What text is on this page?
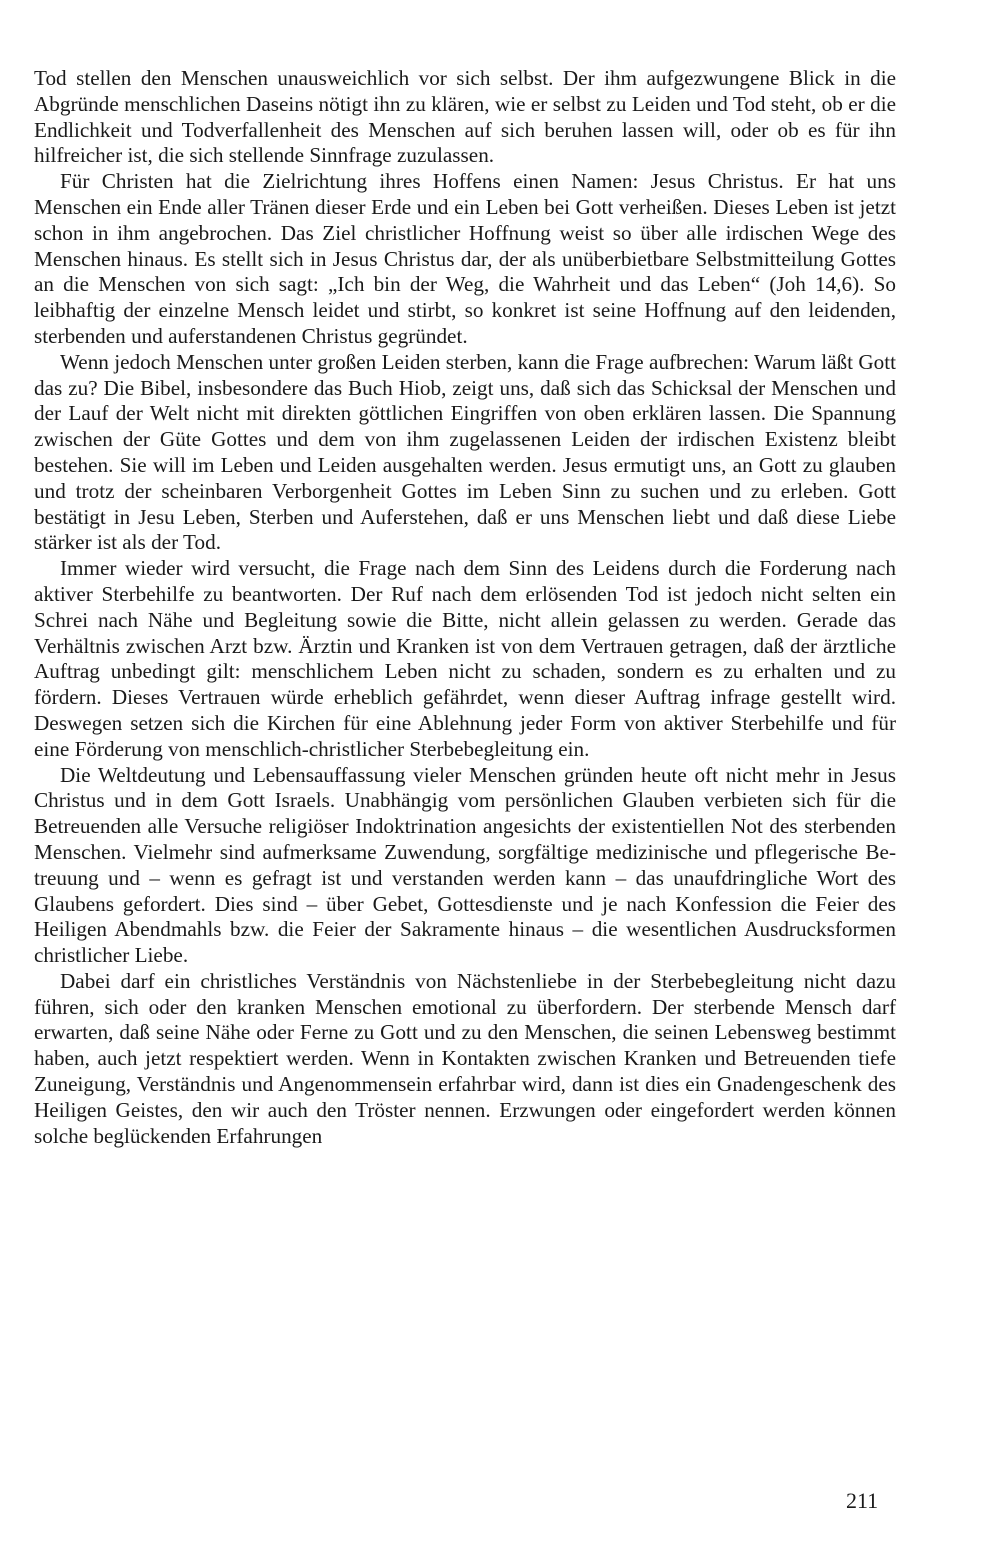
Tod stellen den Menschen unausweichlich vor sich selbst. Der ihm aufgezwungene Blick in die Abgründe menschlichen Daseins nötigt ihn zu klären, wie er selbst zu Leiden und Tod steht, ob er die Endlichkeit und Todverfallenheit des Menschen auf sich beruhen lassen will, oder ob es für ihn hilfreicher ist, die sich stellende Sinnfrage zuzulassen.

Für Christen hat die Zielrichtung ihres Hoffens einen Namen: Jesus Christus. Er hat uns Menschen ein Ende aller Tränen dieser Erde und ein Leben bei Gott verheißen. Dieses Leben ist jetzt schon in ihm angebrochen. Das Ziel christlicher Hoffnung weist so über alle irdischen Wege des Menschen hinaus. Es stellt sich in Jesus Christus dar, der als unüberbietbare Selbstmitteilung Gottes an die Menschen von sich sagt: „Ich bin der Weg, die Wahrheit und das Leben“ (Joh 14,6). So leibhaftig der einzelne Mensch leidet und stirbt, so konkret ist seine Hoffnung auf den leidenden, sterbenden und auferstandenen Christus gegründet.

Wenn jedoch Menschen unter großen Leiden sterben, kann die Frage aufbrechen: Warum läßt Gott das zu? Die Bibel, insbesondere das Buch Hiob, zeigt uns, daß sich das Schicksal der Menschen und der Lauf der Welt nicht mit direkten göttlichen Eingriffen von oben erklären lassen. Die Spannung zwischen der Güte Gottes und dem von ihm zugelassenen Leiden der irdischen Existenz bleibt bestehen. Sie will im Leben und Leiden ausgehalten werden. Jesus ermutigt uns, an Gott zu glauben und trotz der scheinbaren Verborgenheit Gottes im Leben Sinn zu suchen und zu erleben. Gott bestätigt in Jesu Leben, Sterben und Auferstehen, daß er uns Menschen liebt und daß diese Liebe stärker ist als der Tod.

Immer wieder wird versucht, die Frage nach dem Sinn des Leidens durch die Forderung nach aktiver Sterbehilfe zu beantworten. Der Ruf nach dem erlösenden Tod ist jedoch nicht selten ein Schrei nach Nähe und Begleitung sowie die Bitte, nicht allein gelassen zu werden. Gerade das Verhältnis zwischen Arzt bzw. Ärztin und Kranken ist von dem Vertrauen getragen, daß der ärztliche Auftrag unbedingt gilt: menschlichem Leben nicht zu schaden, sondern es zu erhalten und zu fördern. Dieses Vertrauen würde erheblich gefährdet, wenn dieser Auftrag infrage gestellt wird. Deswegen setzen sich die Kirchen für eine Ablehnung jeder Form von aktiver Sterbehilfe und für eine Förderung von menschlich-christlicher Sterbebegleitung ein.

Die Weltdeutung und Lebensauffassung vieler Menschen gründen heute oft nicht mehr in Jesus Christus und in dem Gott Israels. Unabhängig vom persönlichen Glauben verbieten sich für die Betreuenden alle Versuche religiöser Indoktrination angesichts der existentiellen Not des sterbenden Menschen. Vielmehr sind aufmerksame Zuwendung, sorgfältige medizinische und pflegerische Betreuung und – wenn es gefragt ist und verstanden werden kann – das unaufdringliche Wort des Glaubens gefordert. Dies sind – über Gebet, Gottesdienste und je nach Konfession die Feier des Heiligen Abendmahls bzw. die Feier der Sakramente hinaus – die wesentlichen Ausdrucksformen christlicher Liebe.

Dabei darf ein christliches Verständnis von Nächstenliebe in der Sterbebegleitung nicht dazu führen, sich oder den kranken Menschen emotional zu überfordern. Der sterbende Mensch darf erwarten, daß seine Nähe oder Ferne zu Gott und zu den Menschen, die seinen Lebensweg bestimmt haben, auch jetzt respektiert werden. Wenn in Kontakten zwischen Kranken und Betreuenden tiefe Zuneigung, Verständnis und Angenommensein erfahrbar wird, dann ist dies ein Gnadengeschenk des Heiligen Geistes, den wir auch den Tröster nennen. Erzwungen oder eingefordert werden können solche beglückenden Erfahrungen

211
